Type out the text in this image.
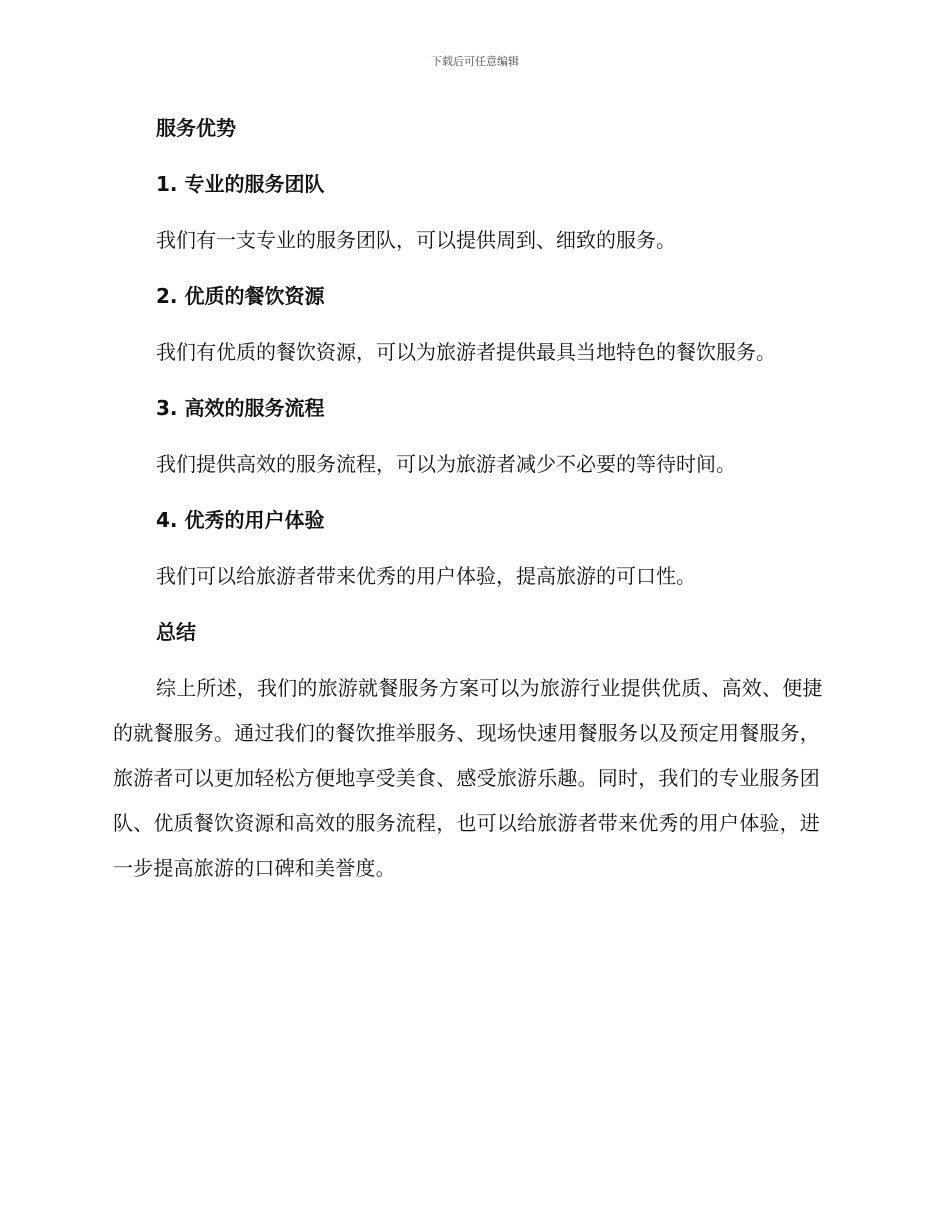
下载后可任意编辑
服务优势
1. 专业的服务团队
我们有一支专业的服务团队，可以提供周到、细致的服务。
2. 优质的餐饮资源
我们有优质的餐饮资源，可以为旅游者提供最具当地特色的餐饮服务。
3. 高效的服务流程
我们提供高效的服务流程，可以为旅游者减少不必要的等待时间。
4. 优秀的用户体验
我们可以给旅游者带来优秀的用户体验，提高旅游的可口性。
总结

综上所述，我们的旅游就餐服务方案可以为旅游行业提供优质、高效、便捷的就餐服务。通过我们的餐饮推举服务、现场快速用餐服务以及预定用餐服务，旅游者可以更加轻松方便地享受美食、感受旅游乐趣。同时，我们的专业服务团队、优质餐饮资源和高效的服务流程，也可以给旅游者带来优秀的用户体验，进一步提高旅游的口碑和美誉度。
